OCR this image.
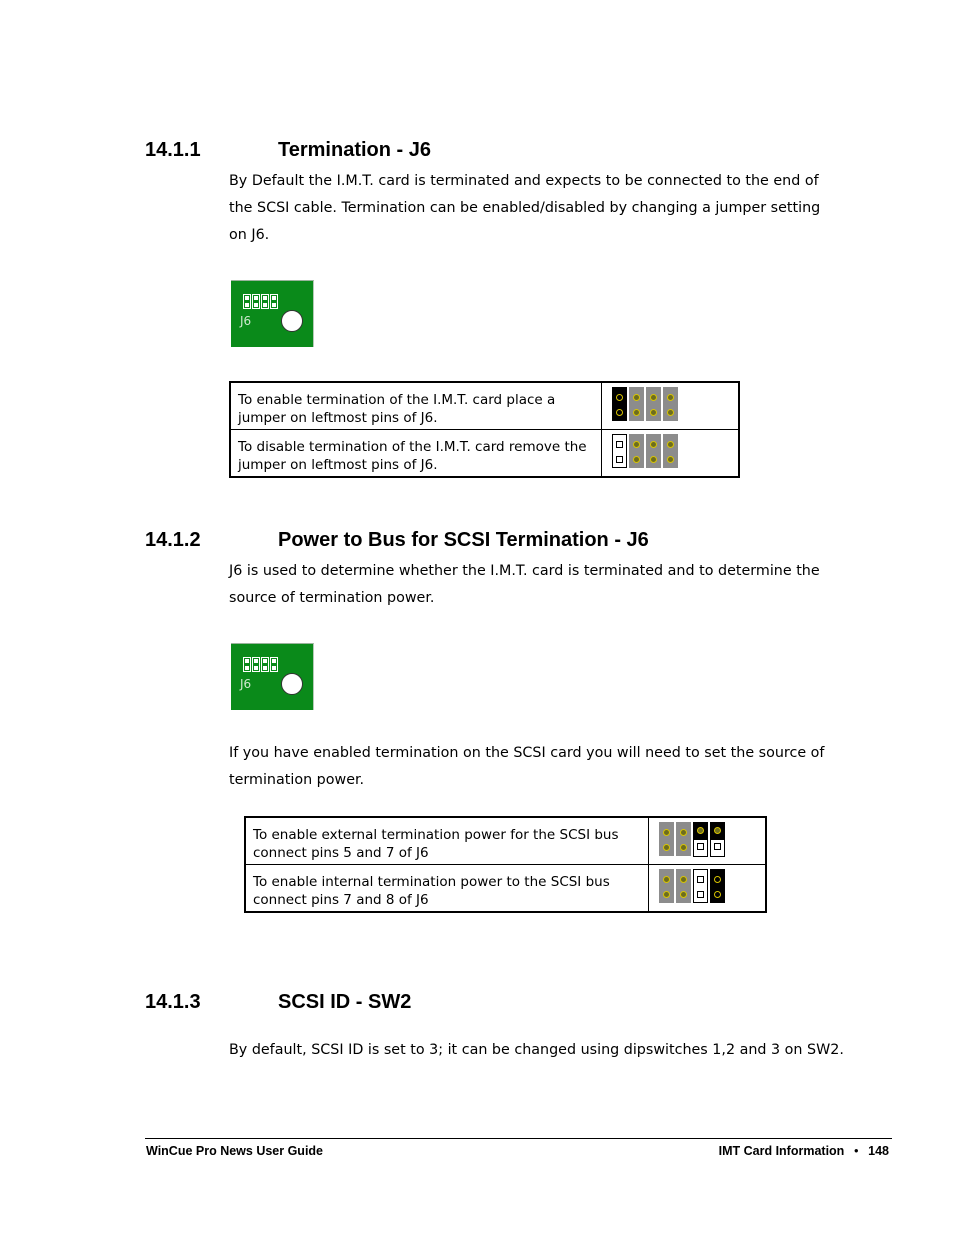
14.1.1	Termination - J6

By Default the I.M.T. card is terminated and expects to be connected to the end of the SCSI cable. Termination can be enabled/disabled by changing a jumper setting on J6.

J6
To enable termination of the I.M.T. card place a jumper on leftmost pins of J6.	

To disable termination of the I.M.T. card remove the jumper on leftmost pins of J6.	
14.1.2	Power to Bus for SCSI Termination - J6

J6 is used to determine whether the I.M.T. card is terminated and to determine the source of termination power.

J6

If you have enabled termination on the SCSI card you will need to set the source of termination power.

To enable external termination power for the SCSI bus connect pins 5 and 7 of J6	

To enable internal termination power to the SCSI bus connect pins 7 and 8 of J6	
14.1.3	SCSI ID - SW2

By default, SCSI ID is set to 3; it can be changed using dipswitches 1,2 and 3 on SW2.

WinCue Pro News User Guide	IMT Card Information ● 148
